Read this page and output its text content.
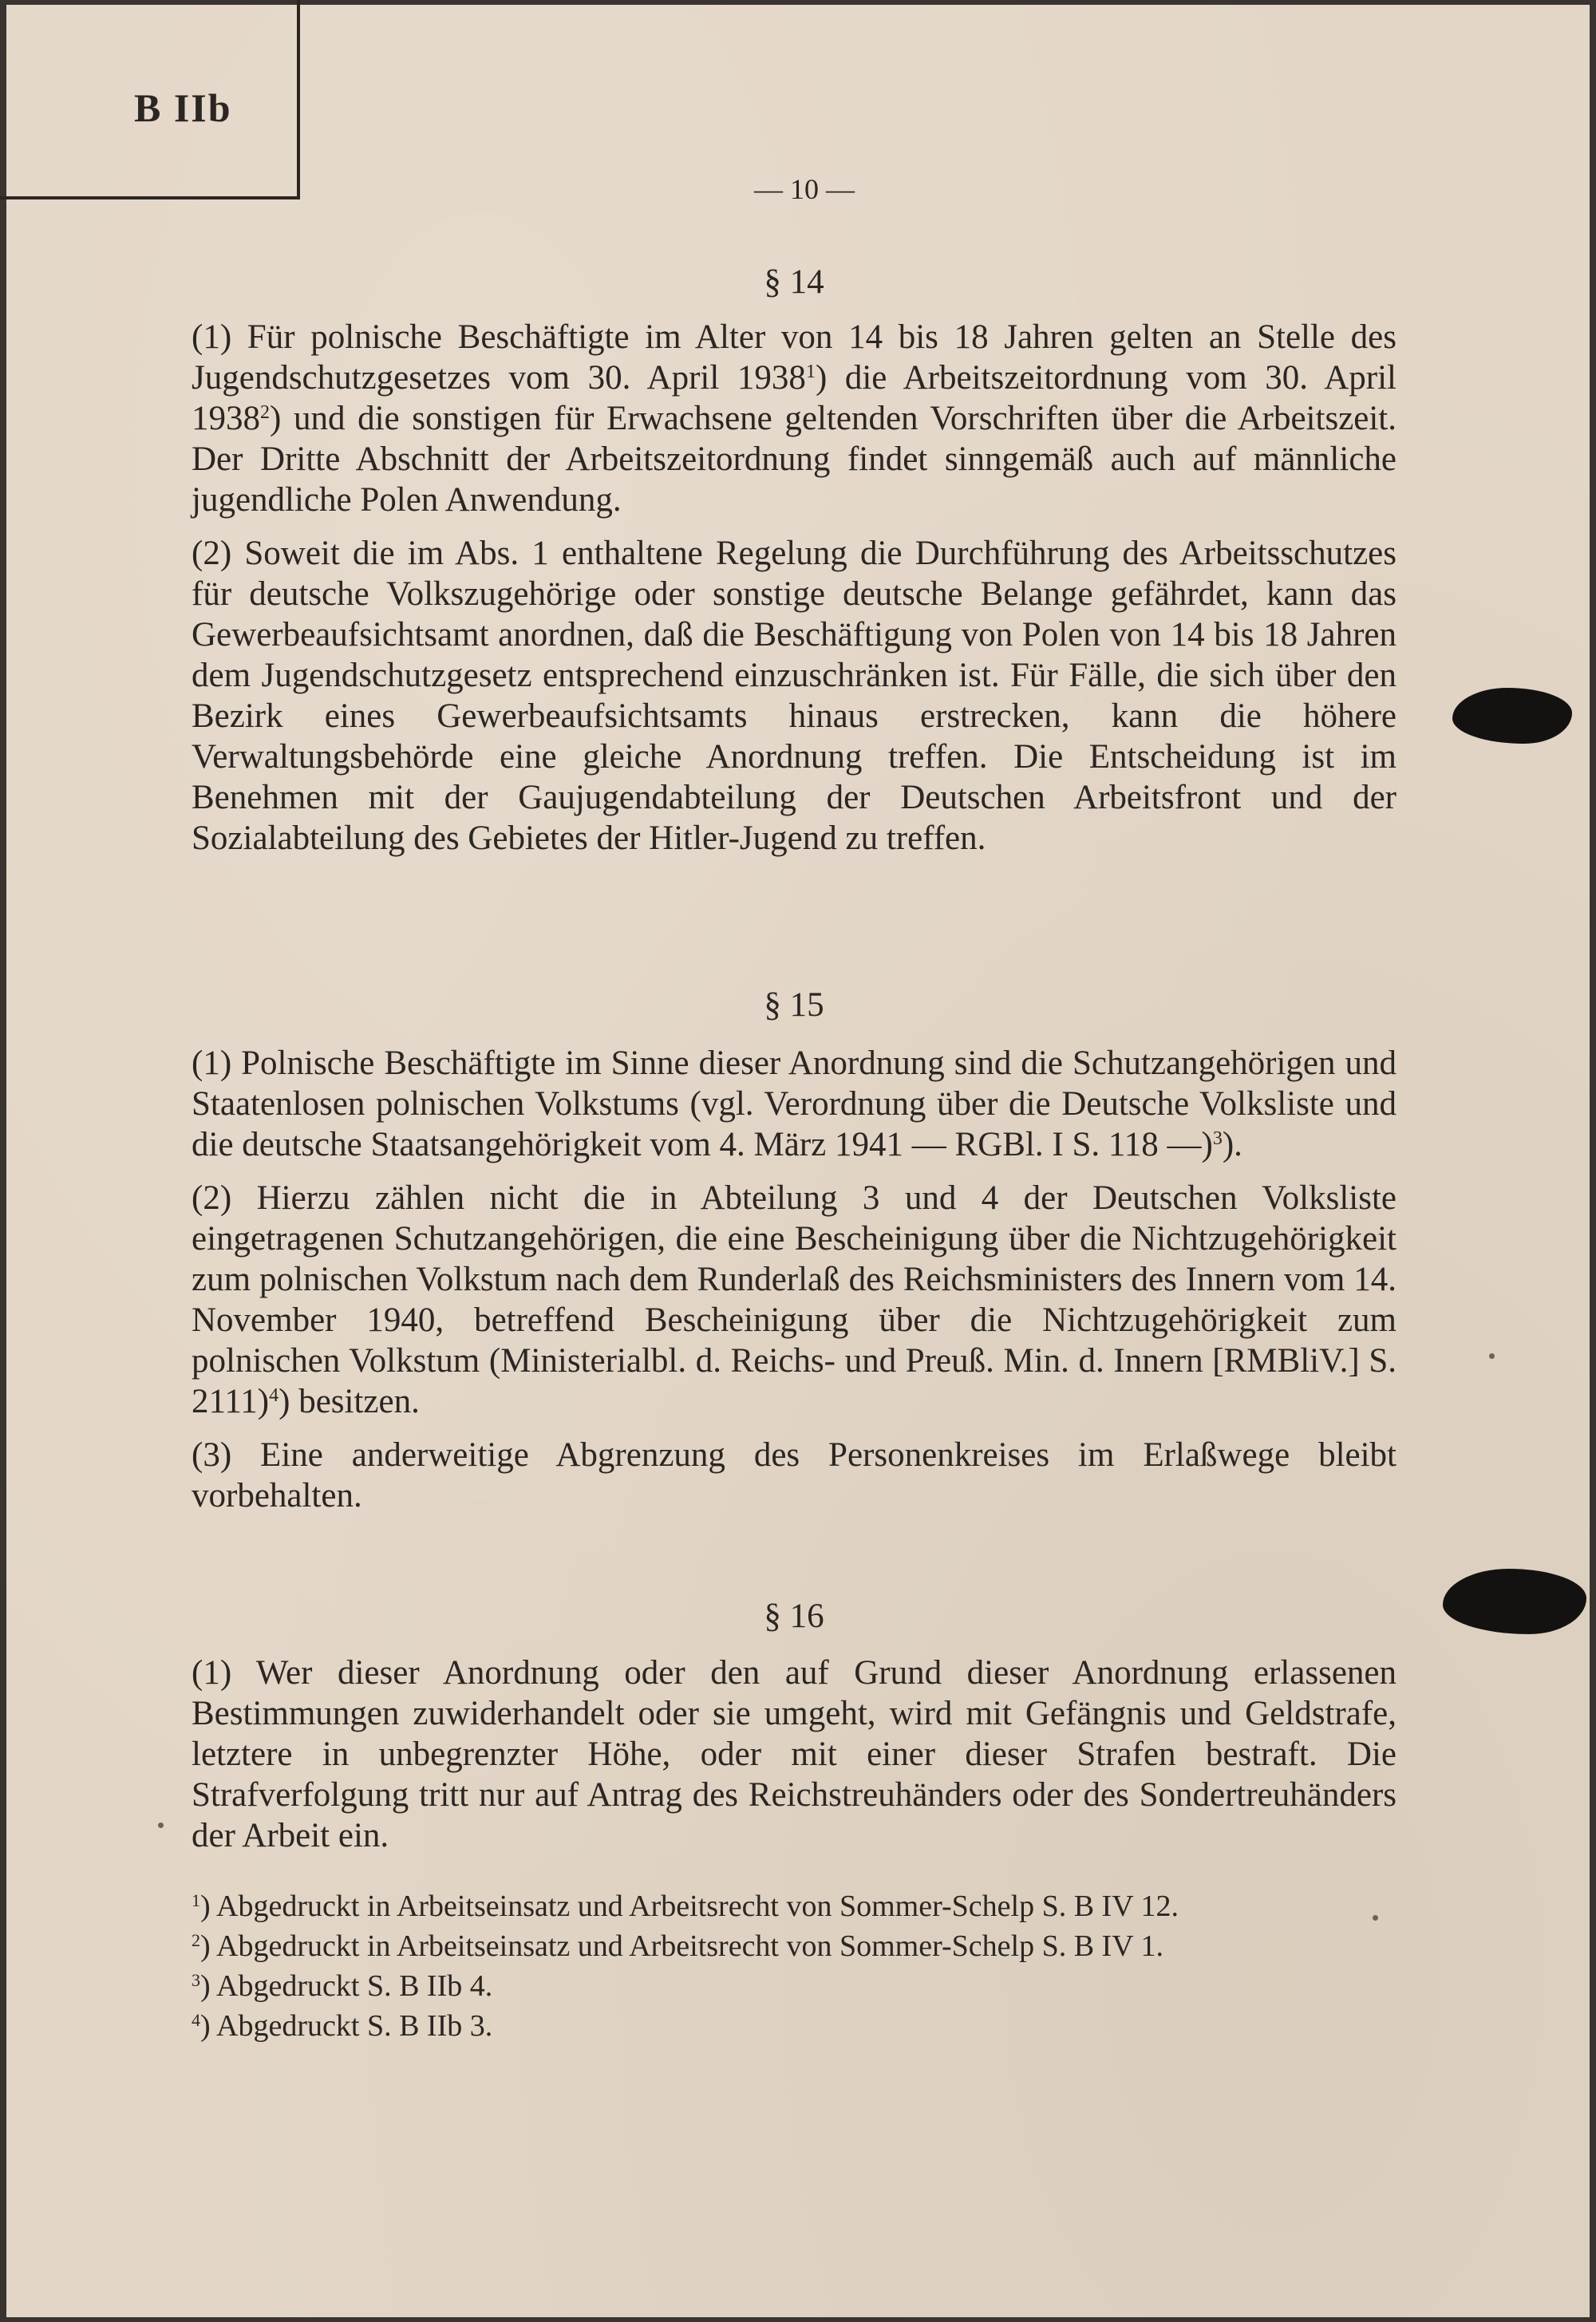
B IIb
— 10 —
§ 14

(1) Für polnische Beschäftigte im Alter von 14 bis 18 Jahren gelten an Stelle des Jugendschutzgesetzes vom 30. April 1938$^1$) die Arbeitszeitordnung vom 30. April 1938$^2$) und die sonstigen für Erwachsene geltenden Vorschriften über die Arbeitszeit. Der Dritte Abschnitt der Arbeitszeitordnung findet sinngemäß auch auf männliche jugendliche Polen Anwendung.

(2) Soweit die im Abs. 1 enthaltene Regelung die Durchführung des Arbeitsschutzes für deutsche Volkszugehörige oder sonstige deutsche Belange gefährdet, kann das Gewerbeaufsichtsamt anordnen, daß die Beschäftigung von Polen von 14 bis 18 Jahren dem Jugendschutzgesetz entsprechend einzuschränken ist. Für Fälle, die sich über den Bezirk eines Gewerbeaufsichtsamts hinaus erstrecken, kann die höhere Verwaltungsbehörde eine gleiche Anordnung treffen. Die Entscheidung ist im Benehmen mit der Gaujugendabteilung der Deutschen Arbeitsfront und der Sozialabteilung des Gebietes der Hitler-Jugend zu treffen.

§ 15

(1) Polnische Beschäftigte im Sinne dieser Anordnung sind die Schutzangehörigen und Staatenlosen polnischen Volkstums (vgl. Verordnung über die Deutsche Volksliste und die deutsche Staatsangehörigkeit vom 4. März 1941 — RGBl. I S. 118 —)$^3$).

(2) Hierzu zählen nicht die in Abteilung 3 und 4 der Deutschen Volksliste eingetragenen Schutzangehörigen, die eine Bescheinigung über die Nichtzugehörigkeit zum polnischen Volkstum nach dem Runderlaß des Reichsministers des Innern vom 14. November 1940, betreffend Bescheinigung über die Nichtzugehörigkeit zum polnischen Volkstum (Ministerialbl. d. Reichs- und Preuß. Min. d. Innern [RMBliV.] S. 2111)$^4$) besitzen.

(3) Eine anderweitige Abgrenzung des Personenkreises im Erlaßwege bleibt vorbehalten.

§ 16

(1) Wer dieser Anordnung oder den auf Grund dieser Anordnung erlassenen Bestimmungen zuwiderhandelt oder sie umgeht, wird mit Gefängnis und Geldstrafe, letztere in unbegrenzter Höhe, oder mit einer dieser Strafen bestraft. Die Strafverfolgung tritt nur auf Antrag des Reichstreuhänders oder des Sondertreuhänders der Arbeit ein.

$^1$) Abgedruckt in Arbeitseinsatz und Arbeitsrecht von Sommer-Schelp S. B IV 12.
$^2$) Abgedruckt in Arbeitseinsatz und Arbeitsrecht von Sommer-Schelp S. B IV 1.
$^3$) Abgedruckt S. B IIb 4.
$^4$) Abgedruckt S. B IIb 3.
